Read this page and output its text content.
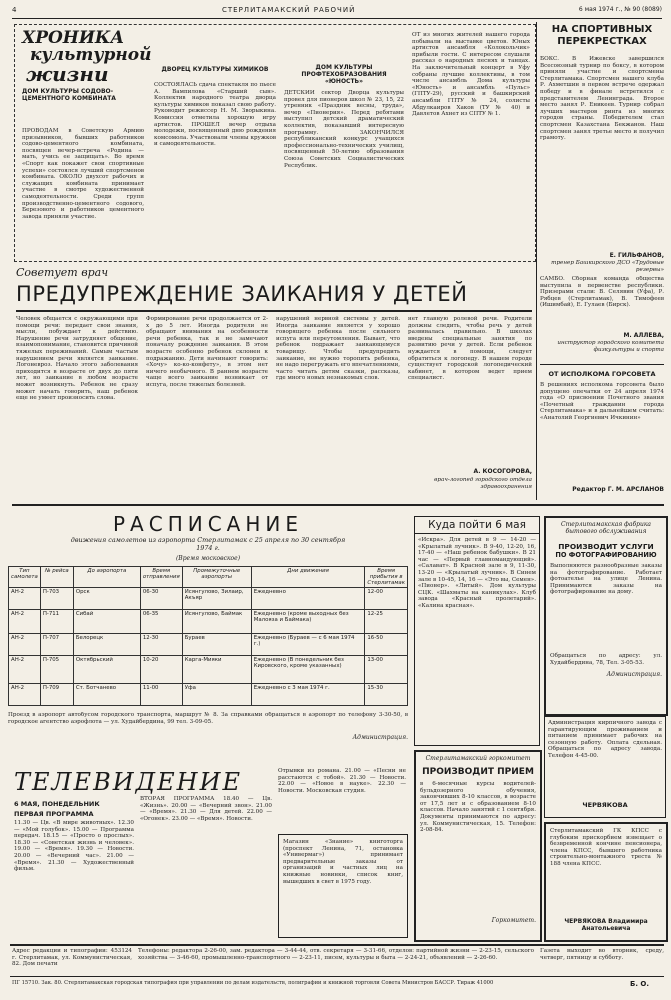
4	СТЕРЛИТАМАКСКИЙ РАБОЧИЙ	6 мая 1974 г., № 90 (8089)
ХРОНИКА
культурной
жизни
ДОМ КУЛЬТУРЫ СОДОВО-ЦЕМЕНТНОГО КОМБИНАТА
ПРОВОДАМ в Советскую Армию призывников, бывших работников содово-цементного комбината, посвящен вечер-встреча «Родина — мать, учись ее защищать». Во время «Спорт как покажет свои спортивные успехи» состоялся лучший спортсменов комбината. ОКОЛО двухсот рабочих и служащих комбината принимает участие в смотре художественной самодеятельности. Среди групп производственно-цементного содового, Березового и работников цементного завода приняли участие.
ДВОРЕЦ КУЛЬТУРЫ ХИМИКОВ
СОСТОЯЛАСЬ сдача спектакля по пьесе А. Вампилова «Старший сын». Коллектив народного театра дворца культуры химиков показал свою работу. Руководит режиссер Н. М. Зворыкина. Комиссия отметила хорошую игру артистов. ПРОШЕЛ вечер отдыха молодежи, посвященный дню рождения комсомола. Участвовали члены кружков и самодеятельности.
ДОМ КУЛЬТУРЫ ПРОФТЕХОБРАЗОВАНИЯ «ЮНОСТЬ»
ДЕТСКИЙ сектор Дворца культуры провел для пионеров школ № 23, 15, 22 утренник «Праздник весны, труда», вечер «Пионерия». Перед ребятами выступил детский драматический коллектив, показавший интересную программу. ЗАКОНЧИЛСЯ республиканский конкурс учащихся профессионально-технических училищ, посвященный 50-летию образования Союза Советских Социалистических Республик.
ОТ из многих жителей нашего города побывали на выставке цветов. Юных артистов ансамбля «Колокольчик» прибыли гости. С интересом слушали рассказ о народных песнях и танцах. На заключительный концерт в Уфу собраны лучшие коллективы, в том числе ансамбль Дома культуры «Юность» и ансамбль «Пульс» (ГПТУ-29), русский и башкирский ансамбли ГПТУ № 24, солисты Абдулкаиров Хаков (ТУ № 40) и Давлетов Ахнет из СПТУ № 1.
НА СПОРТИВНЫХ
ПЕРЕКРЕСТКАХ
БОКС. В Ижевске завершился Всесоюзный турнир по боксу, в котором приняли участие и спортсмены Стерлитамака. Спортсмен нашего клуба Р. Ахметшин в первом встрече одержал победу и в финале встретился с представителем Ленинграда. Второе место занял Р. Еникеев. Турнир собрал лучших мастеров ринга из многих городов страны. Победителем стал спортсмен Казахстана Бекжанов. Наш спортсмен занял третье место и получил грамоту.
Е. ГИЛЬФАНОВ,
тренер Башкирского ДСО «Трудовые резервы»
САМБО. Сборная команда общества выступила в первенстве республики. Призерами стали: В. Селявин (Уфа), Р. Рябцев (Стерлитамак), В. Тимофеев (Ишимбай), Е. Гулаев (Бирск).
М. АЛЛЕВА,
инструктор городского комитета физкультуры и спорта
ОТ ИСПОЛКОМА ГОРСОВЕТА
В решениях исполкома горсовета было допущено опечатки от 24 апреля 1974 года «О присвоении Почетного звания «Почетный гражданин города Стерлитамака» и в дальнейшем считать: «Анатолий Георгиевич Ичкинин»
Редактор Г. М. АРСЛАНОВ
Советует врач
ПРЕДУПРЕЖДЕНИЕ ЗАИКАНИЯ У ДЕТЕЙ
Человек общается с окружающими при помощи речи: передает свои знания, мысли, побуждает к действию. Нарушение речи затрудняет общение, взаимопонимание, становится причиной тяжелых переживаний. Самым частым нарушением речи является заикание. Логоневроз. Начало этого заболевания приходится в возрасте от двух до пяти лет, но заикание в любом возрасте может возникнуть. Ребенок не сразу может начать говорить, наш ребенок еще не умеет произносить слова.
Формирование речи продолжается от 2-х до 5 лет. Иногда родители не обращают внимания на особенности речи ребенка, так и не замечают поначалу рождение заикания. В этом возрасте особенно ребенок склонен к подражанию. Дети начинают говорить: «Хочу» ко-ко-конфету», в этом нет ничего необычного. В раннем возрасте чаще всего заикание возникает от испуга, после тяжелых болезней.
нарушений нервной системы у детей. Иногда заикание является у хорошо говорящего ребенка после сильного испуга или переутомления. Бывает, что ребенок подражает заикающемуся товарищу. Чтобы предупредить заикание, не нужно торопить ребенка, не надо перегружать его впечатлениями, часто читать детям сказки, рассказы, где много новых незнакомых слов.
нет главную ролевой речи. Родители должны следить, чтобы речь у детей развивалась правильно. В школах введены специальные занятия по развитию речи у детей. Если ребенок нуждается в помощи, следует обратиться к логопеду. В нашем городе существует городской логопедический кабинет, в котором ведет прием специалист.
А. КОСОГОРОВА,
врач-логопед городского отдела здравоохранения
РАСПИСАНИЕ
движения самолетов из аэропорта Стерлитамак с 25 апреля по 30 сентября 1974 г.
(Время московское)
Тип самолета	№ рейса	До аэропорта	Время отправления	Промежуточные аэропорты	Дни движения	Время прибытия в Стерлитамак
АН-2	П-703	Орск	06-30	Исянгулово, Зилаир, Акъяр	Ежедневно	12-00
АН-2	П-711	Сибай	06-35	Исянгулово, Баймак	Ежедневно (кроме выходных без Малояза и Баймака)	12-25
АН-2	П-707	Белорецк	12-30	Бураев	Ежедневно (Бураев — с 6 мая 1974 г.)	16-50
АН-2	П-705	Октябрьский	10-20	Карга-Мияки	Ежедневно (В понедельник без Кировского, кроме указанных)	13-00
АН-2	П-709	Ст. Ботчанево	11-00	Уфа	Ежедневно с 3 мая 1974 г.	15-30
Проезд в аэропорт автобусом городского транспорта, маршрут № 8. За справками обращаться в аэропорт по телефону 3-30-50, в городское агентство аэрофлота — ул. Худайбердина, 99 тел. 3-09-05.
Администрация.
Куда пойти 6 мая
«Искра». Для детей в 9 — 14-20 — «Крылатый лучник». В 9-40, 12-20, 16, 17-40 — «Наш ребенок бабушки». В 21 час — «Первый главномандующий». «Салават». В Красной зале в 9, 11-30, 13-20 — «Крылатый лучник». В Синем зале в 10-45, 14, 16 — «Это вы, Семен». «Пионер». «Литый». Дом культуры СЦК. «Шахматы на каникулах». Клуб завода «Красный пролетарий». «Калина красная».
Стерлитамакская фабрика бытового обслуживания
ПРОИЗВОДИТ УСЛУГИ
ПО ФОТОГРАФИРОВАНИЮ
Выполняются разнообразные заказы на фотографирование. Работает фотоателье на улице Ленина. Принимаются заказы на фотографирование на дому.
Обращаться по адресу: ул. Худайбердина, 78, Тел. 3-05-53.
Администрация.
Стерлитамакский горкомитет
ПРОИЗВОДИТ ПРИЕМ
в 6-месячные курсы водителей-бульдозерного обучения, закончивших 8-10 классов, в возрасте от 17,5 лет и с образованием 8-10 классов. Начало занятий с 1 сентября. Документы принимаются по адресу: ул. Коммунистическая, 15. Телефон: 2-08-84.
Горкомитет.
Администрация кирпичного завода с гарантирующим проживанием и питанием принимает рабочих на сезонную работу. Оплата сдельная. Обращаться по адресу завода. Телефон 4-45-00.
ЧЕРВЯКОВА
Стерлитамакский ГК КПСС с глубоким прискорбием извещает о безвременной кончине пенсионера, члена КПСС, бывшего работника строительно-монтажного треста № 188 члена КПСС.
ЧЕРВЯКОВА Владимира Анатольевича
ТЕЛЕВИДЕНИЕ
6 МАЯ, ПОНЕДЕЛЬНИК
ПЕРВАЯ ПРОГРАММА
11.30 — Цв. «В мире животных». 12.30 — «Мой голубок». 15.00 — Программа передач. 18.15 — «Просто о прослых». 18.30 — «Советская жизнь и человек». 19.00 — «Время». 19.30 — Новости. 20.00 — «Вечерний час». 21.00 — «Время». 21.30 — Художественный фильм.
ВТОРАЯ ПРОГРАММА 18.40 — Цв. «Жизнь». 20.00 — «Вечерний звон». 21.00 — «Время». 21.30 — Для детей. 22.00 — «Огонек». 23.00 — «Время». Новости.
Отрывки из романа. 21.00 — «Песни не расстаются с тобой». 21.30 — Новости. 22.00 — «Новое в науке». 22.30 — Новости. Московская студия.
Магазин «Знание» книготорга (проспект Ленина, 71, остановка «Универмаг») принимает предварительные заказы от организаций и частных лиц на книжные новинки, список книг, вышедших в свет в 1975 году.
Адрес редакции и типографии: 453124 г. Стерлитамак, ул. Коммунистическая, 82. Дом печати
Телефоны: редактора 2-26-00, зам. редактора — 3-44-44, отв. секретаря — 3-31-66, отделов: партийной жизни — 2-23-15, сельского хозяйства — 3-46-60, промышленно-транспортного — 2-23-11, писем, культуры и быта — 2-24-21, объявлений — 2-26-60.
Газета выходит во вторник, среду, четверг, пятницу и субботу.
ПГ 15710. Зак. 80. Стерлитамакская городская типография при управлении по делам издательств, полиграфии и книжной торговли Совета Министров БАССР. Тираж 41000	Б. О.
